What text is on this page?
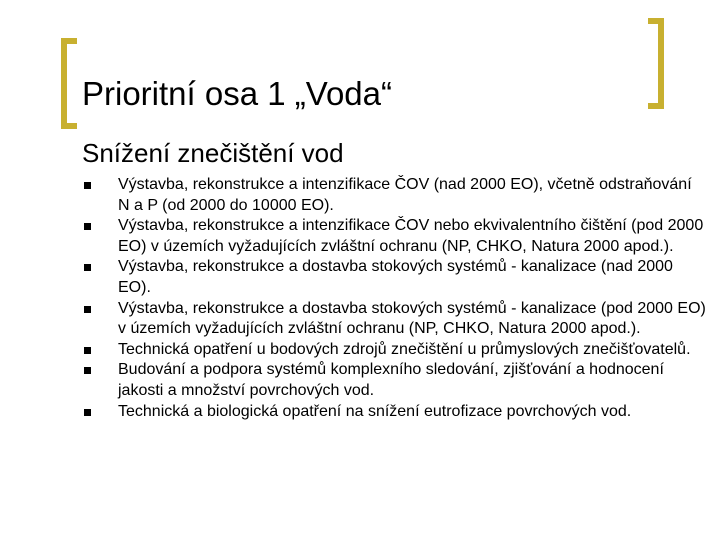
Prioritní osa 1 „Voda“
Snížení znečištění vod
Výstavba, rekonstrukce a intenzifikace ČOV (nad 2000 EO), včetně odstraňování N a P (od 2000 do 10000 EO).
Výstavba, rekonstrukce a intenzifikace ČOV nebo ekvivalentního čištění (pod 2000 EO) v územích vyžadujících zvláštní ochranu (NP, CHKO, Natura 2000 apod.).
Výstavba, rekonstrukce a dostavba stokových systémů - kanalizace (nad 2000 EO).
Výstavba, rekonstrukce a dostavba stokových systémů - kanalizace (pod 2000 EO) v územích vyžadujících zvláštní ochranu (NP, CHKO, Natura 2000 apod.).
Technická opatření u bodových zdrojů znečištění u průmyslových znečišťovatelů.
Budování a podpora systémů komplexního sledování, zjišťování a hodnocení jakosti a množství povrchových vod.
Technická a biologická opatření na snížení eutrofizace povrchových vod.
